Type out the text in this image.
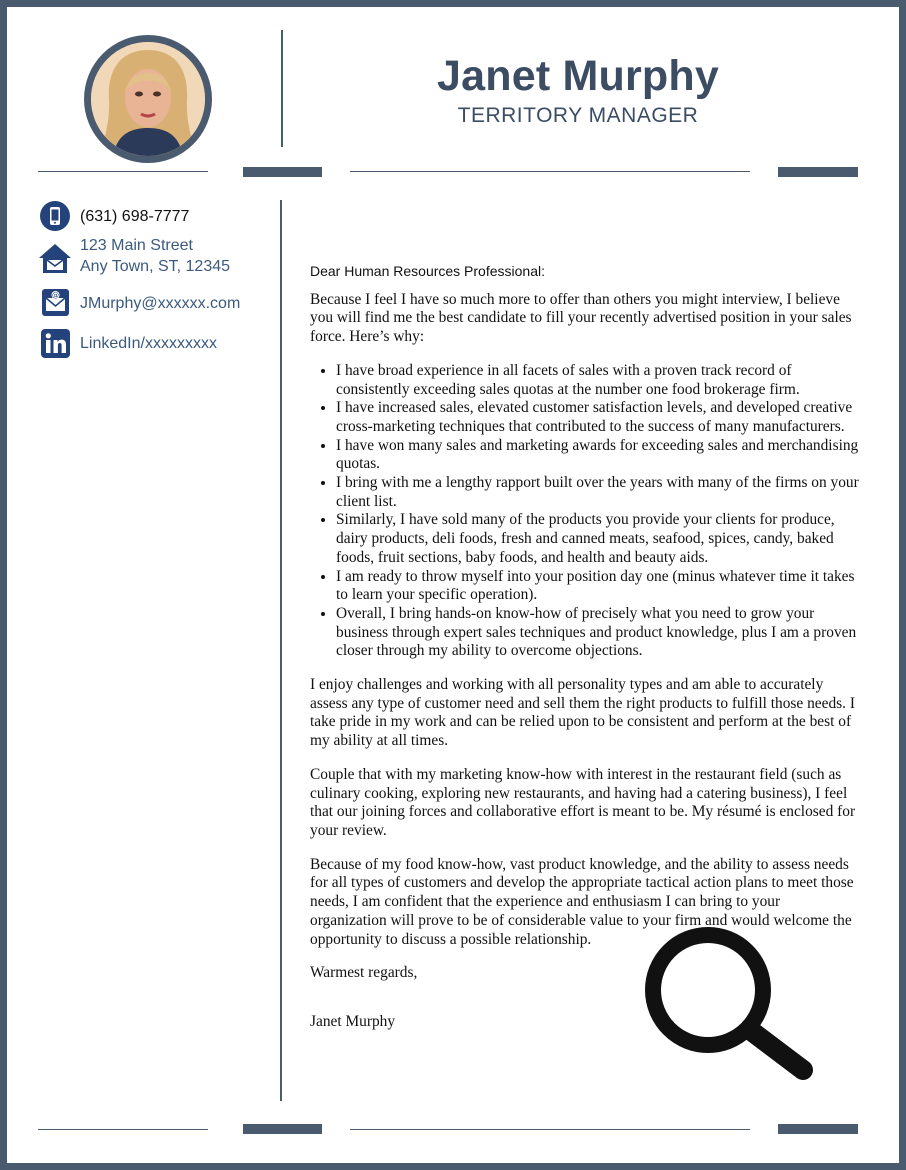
Janet Murphy
TERRITORY MANAGER
(631) 698-7777
123 Main Street
Any Town, ST, 12345
@ JMurphy@xxxxxx.com
LinkedIn/xxxxxxxxx
Dear Human Resources Professional:

Because I feel I have so much more to offer than others you might interview, I believe you will find me the best candidate to fill your recently advertised position in your sales force. Here’s why:

• I have broad experience in all facets of sales with a proven track record of consistently exceeding sales quotas at the number one food brokerage firm.
• I have increased sales, elevated customer satisfaction levels, and developed creative cross-marketing techniques that contributed to the success of many manufacturers.
• I have won many sales and marketing awards for exceeding sales and merchandising quotas.
• I bring with me a lengthy rapport built over the years with many of the firms on your client list.
• Similarly, I have sold many of the products you provide your clients for produce, dairy products, deli foods, fresh and canned meats, seafood, spices, candy, baked foods, fruit sections, baby foods, and health and beauty aids.
• I am ready to throw myself into your position day one (minus whatever time it takes to learn your specific operation).
• Overall, I bring hands-on know-how of precisely what you need to grow your business through expert sales techniques and product knowledge, plus I am a proven closer through my ability to overcome objections.

I enjoy challenges and working with all personality types and am able to accurately assess any type of customer need and sell them the right products to fulfill those needs. I take pride in my work and can be relied upon to be consistent and perform at the best of my ability at all times.

Couple that with my marketing know-how with interest in the restaurant field (such as culinary cooking, exploring new restaurants, and having had a catering business), I feel that our joining forces and collaborative effort is meant to be. My résumé is enclosed for your review.

Because of my food know-how, vast product knowledge, and the ability to assess needs for all types of customers and develop the appropriate tactical action plans to meet those needs, I am confident that the experience and enthusiasm I can bring to your organization will prove to be of considerable value to your firm and would welcome the opportunity to discuss a possible relationship.

Warmest regards,

Janet Murphy
